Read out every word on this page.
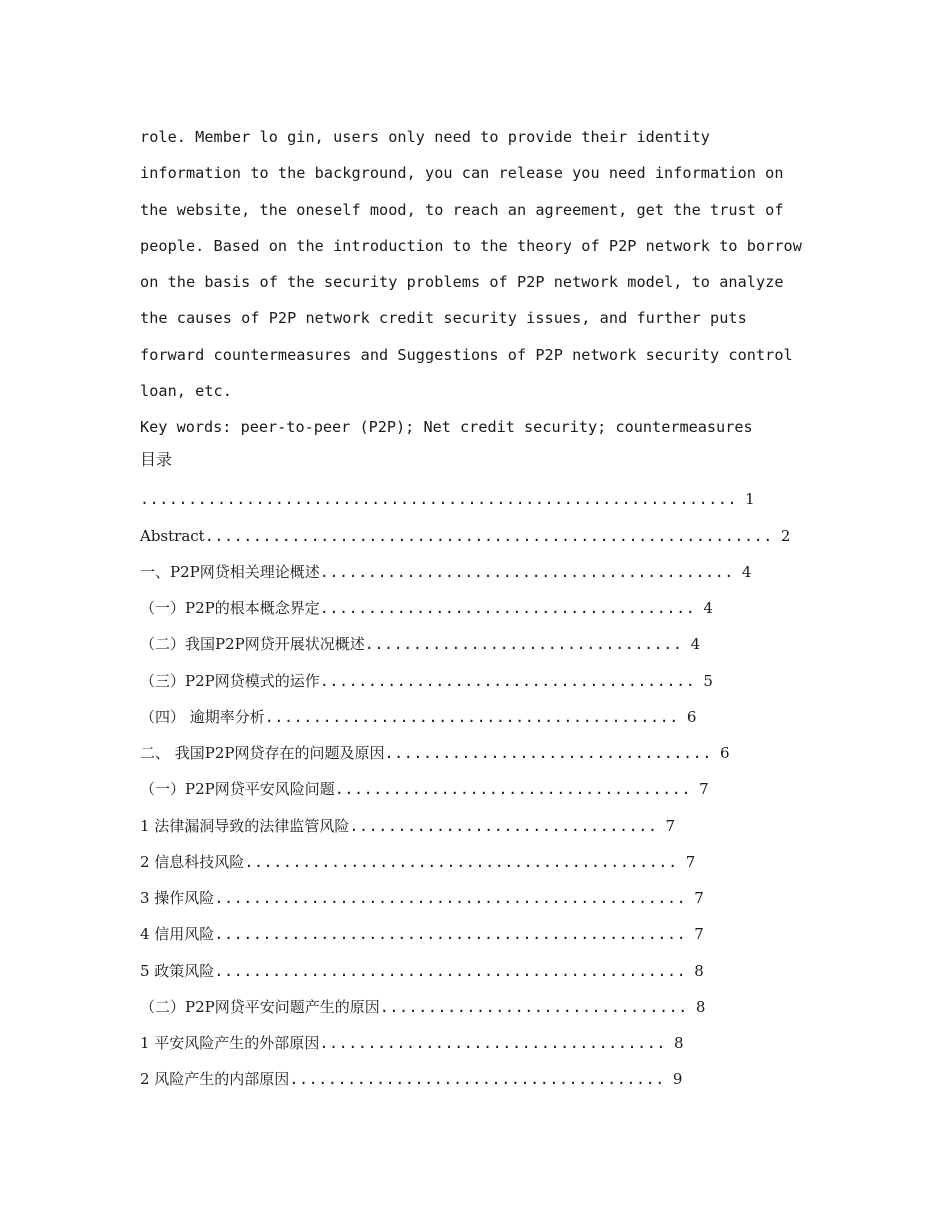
role. Member lo gin, users only need to provide their identity
information to the background, you can release you need information on
the website, the oneself mood, to reach an agreement, get the trust of
people. Based on the introduction to the theory of P2P network to borrow
on the basis of the security problems of P2P network model, to analyze
the causes of P2P network credit security issues, and further puts
forward countermeasures and Suggestions of P2P network security control
loan, etc.
Key words: peer-to-peer (P2P); Net credit security; countermeasures
目录
.............................................................. 1
Abstract........................................................... 2
一、P2P网贷相关理论概述........................................... 4
（一）P2P的根本概念界定....................................... 4
（二）我国P2P网贷开展状况概述................................. 4
（三）P2P网贷模式的运作....................................... 5
（四） 逾期率分析........................................... 6
二、 我国P2P网贷存在的问题及原因.................................. 6
（一）P2P网贷平安风险问题..................................... 7
1 法律漏洞导致的法律监管风险................................ 7
2 信息科技风险............................................. 7
3 操作风险................................................. 7
4 信用风险................................................. 7
5 政策风险................................................. 8
（二）P2P网贷平安问题产生的原因................................ 8
1 平安风险产生的外部原因.................................... 8
2 风险产生的内部原因....................................... 9
